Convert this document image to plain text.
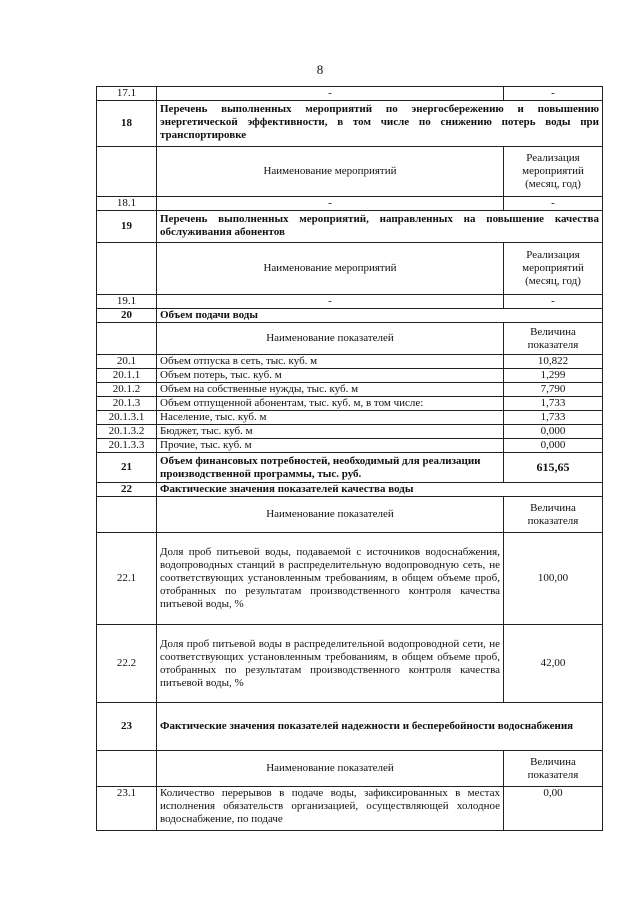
8
17.1	-	-
18	Перечень выполненных мероприятий по энергосбережению и повышению энергетической эффективности, в том числе по снижению потерь воды при транспортировке	
	Наименование мероприятий	Реализация мероприятий (месяц, год)
18.1	-	-
19	Перечень выполненных мероприятий, направленных на повышение качества обслуживания абонентов	
	Наименование мероприятий	Реализация мероприятий (месяц, год)
19.1	-	-
20	Объем подачи воды	
	Наименование показателей	Величина показателя
20.1	Объем отпуска в сеть, тыс. куб. м	10,822
20.1.1	Объем потерь, тыс. куб. м	1,299
20.1.2	Объем на собственные нужды, тыс. куб. м	7,790
20.1.3	Объем отпущенной абонентам, тыс. куб. м, в том числе:	1,733
20.1.3.1	Население, тыс. куб. м	1,733
20.1.3.2	Бюджет, тыс. куб. м	0,000
20.1.3.3	Прочие, тыс. куб. м	0,000
21	Объем финансовых потребностей, необходимый для реализации производственной программы, тыс. руб.	615,65
22	Фактические значения показателей качества воды	
	Наименование показателей	Величина показателя
22.1	Доля проб питьевой воды, подаваемой с источников водоснабжения, водопроводных станций в распределительную водопроводную сеть, не соответствующих установленным требованиям, в общем объеме проб, отобранных по результатам производственного контроля качества питьевой воды, %	100,00
22.2	Доля проб питьевой воды в распределительной водопроводной сети, не соответствующих установленным требованиям, в общем объеме проб, отобранных по результатам производственного контроля качества питьевой воды, %	42,00
23	Фактические значения показателей надежности и бесперебойности водоснабжения	
	Наименование показателей	Величина показателя
23.1	Количество перерывов в подаче воды, зафиксированных в местах исполнения обязательств организацией, осуществляющей холодное водоснабжение, по подаче	0,00
